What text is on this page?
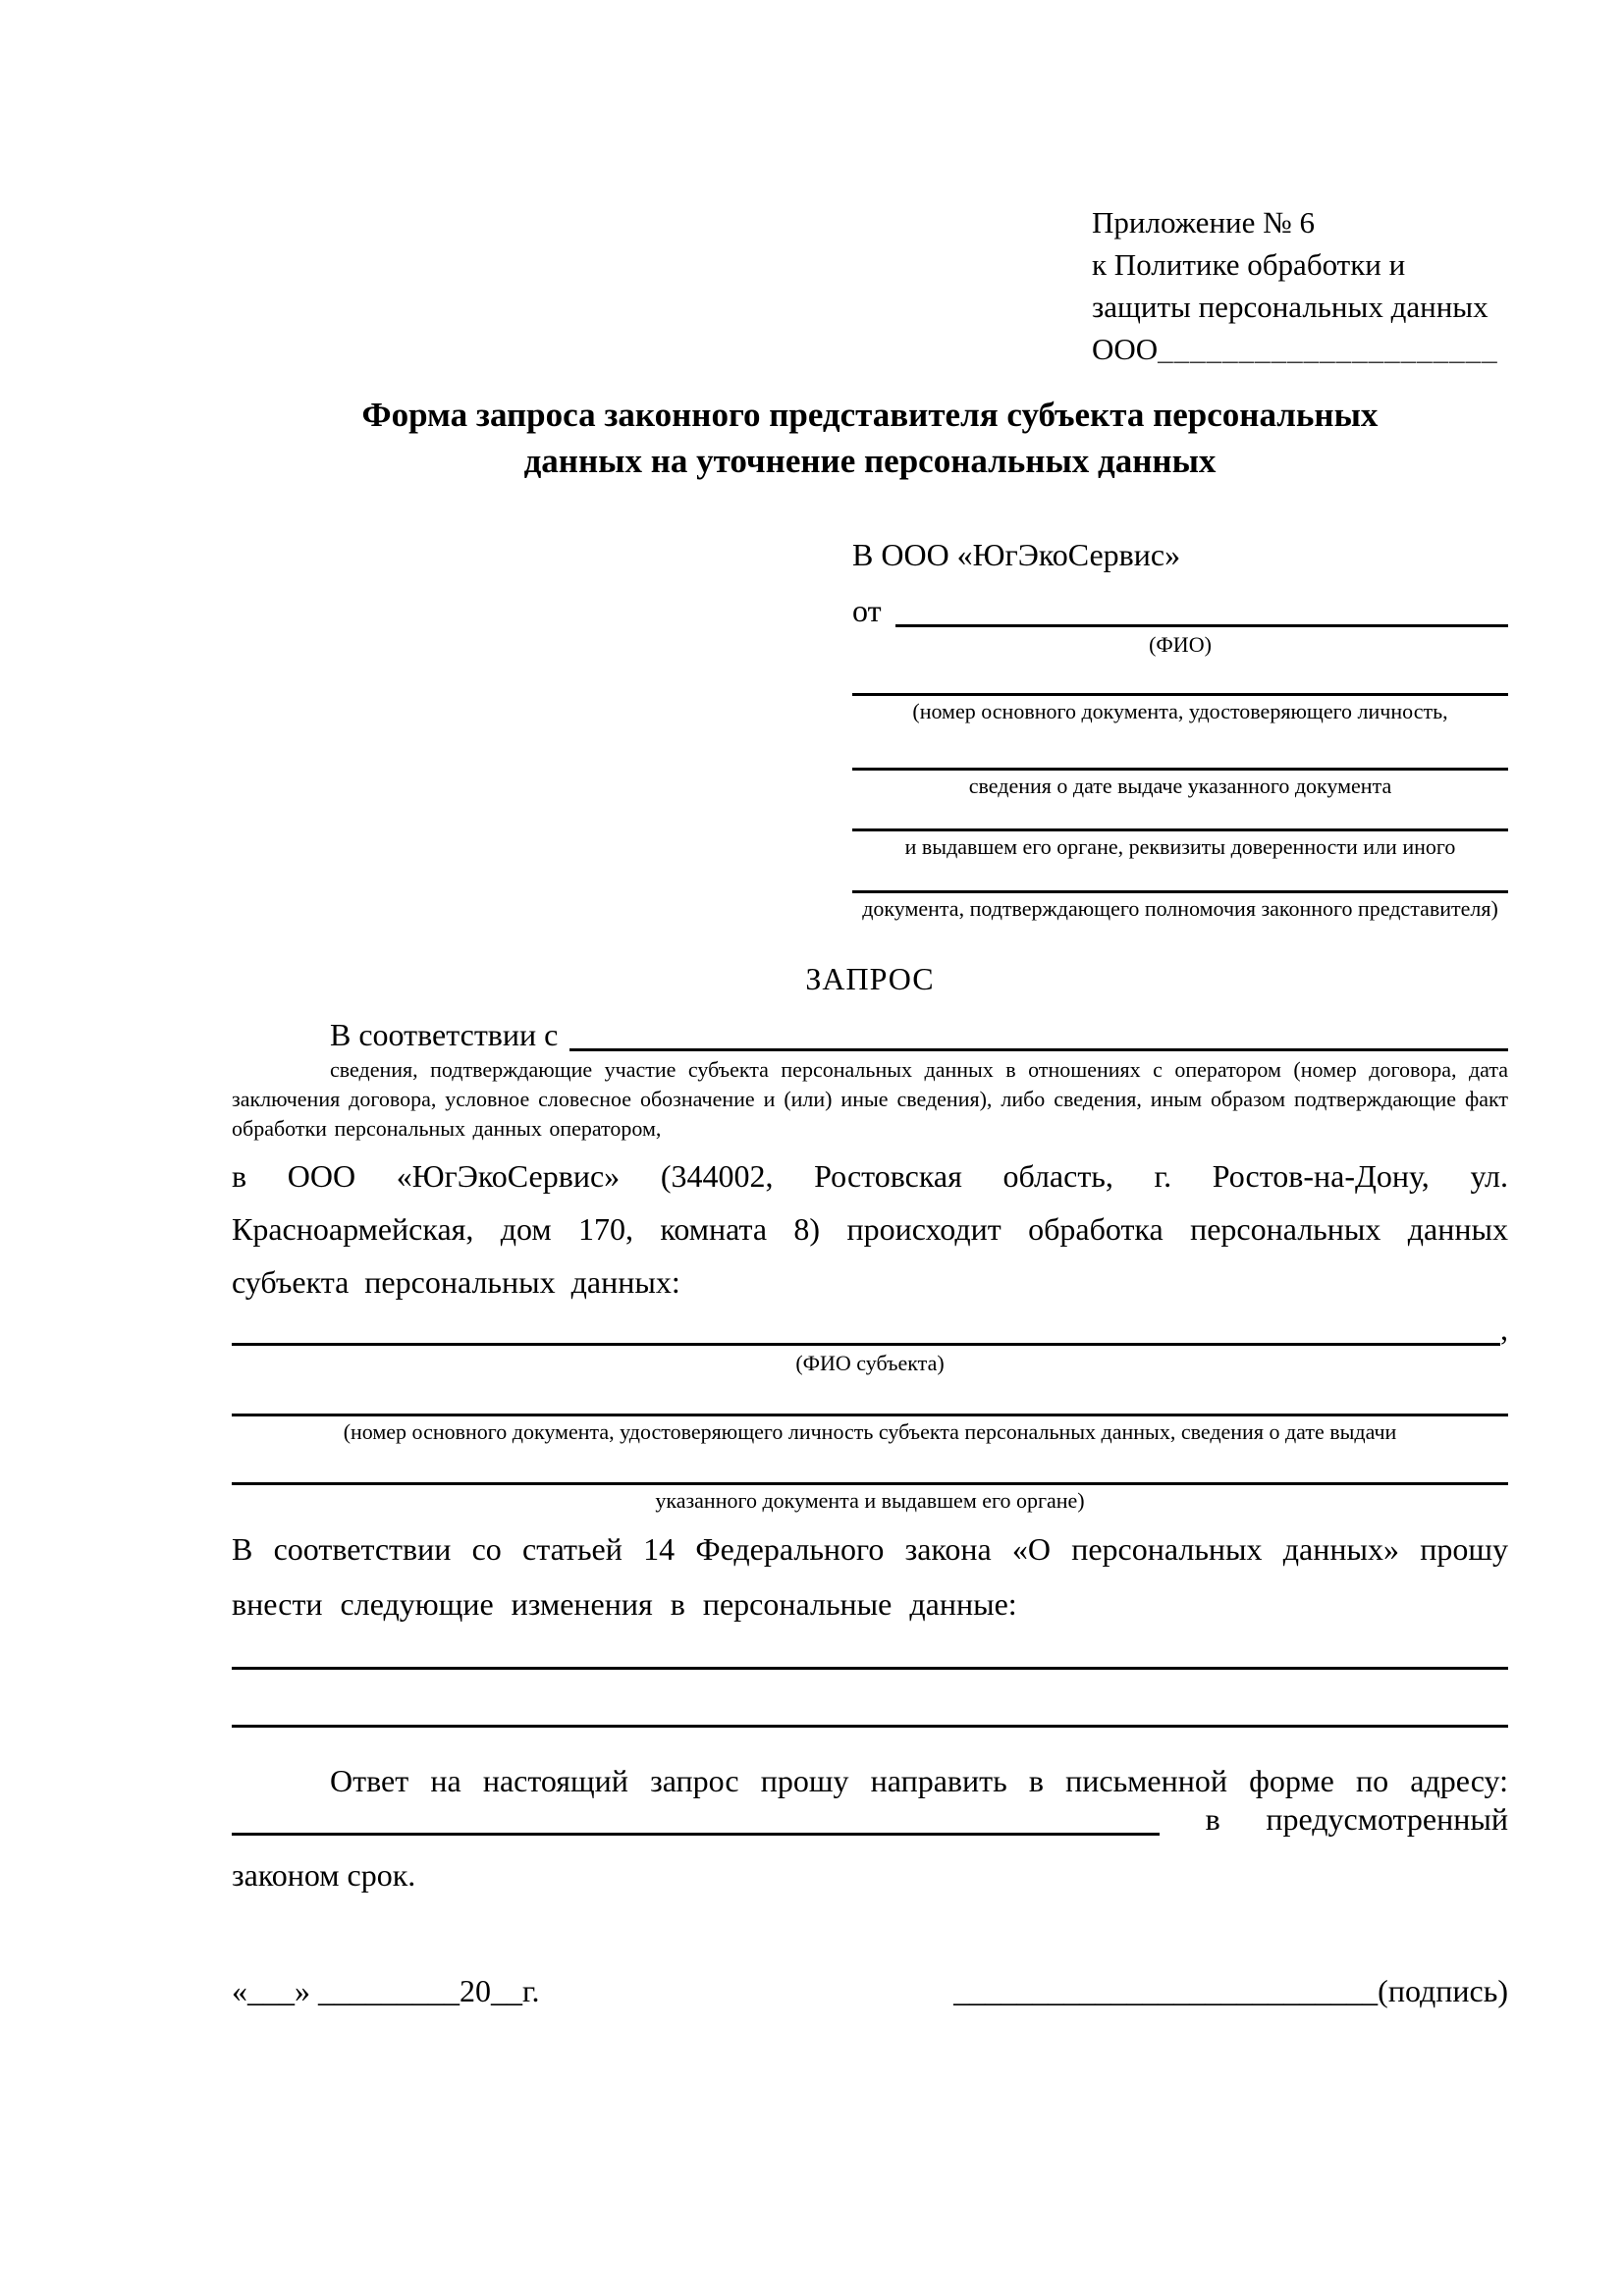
Приложение № 6
к Политике обработки и
защиты персональных данных
ООО_____________________
Форма запроса законного представителя субъекта персональных
данных на уточнение персональных данных
В ООО «ЮгЭкоСервис»
от
(ФИО)
(номер основного документа, удостоверяющего личность,
сведения о дате выдаче указанного документа
и выдавшем его органе, реквизиты доверенности или иного
документа, подтверждающего полномочия законного представителя)
ЗАПРОС
В соответствии с
сведения, подтверждающие участие субъекта персональных данных в отношениях с оператором (номер договора, дата заключения договора, условное словесное обозначение и (или) иные сведения), либо сведения, иным образом подтверждающие факт обработки персональных данных оператором,

в ООО «ЮгЭкоСервис» (344002, Ростовская область, г. Ростов-на-Дону, ул. Красноармейская, дом 170, комната 8) происходит обработка персональных данных субъекта персональных данных:

,
(ФИО субъекта)
(номер основного документа, удостоверяющего личность субъекта персональных данных, сведения о дате выдачи
указанного документа и выдавшем его органе)

В соответствии со статьей 14 Федерального закона «О персональных данных» прошу внести следующие изменения в персональные данные:

Ответ на настоящий запрос прошу направить в письменной форме по адресу:

в предусмотренный

законом срок.

«___» _________20__г.	___________________________(подпись)
